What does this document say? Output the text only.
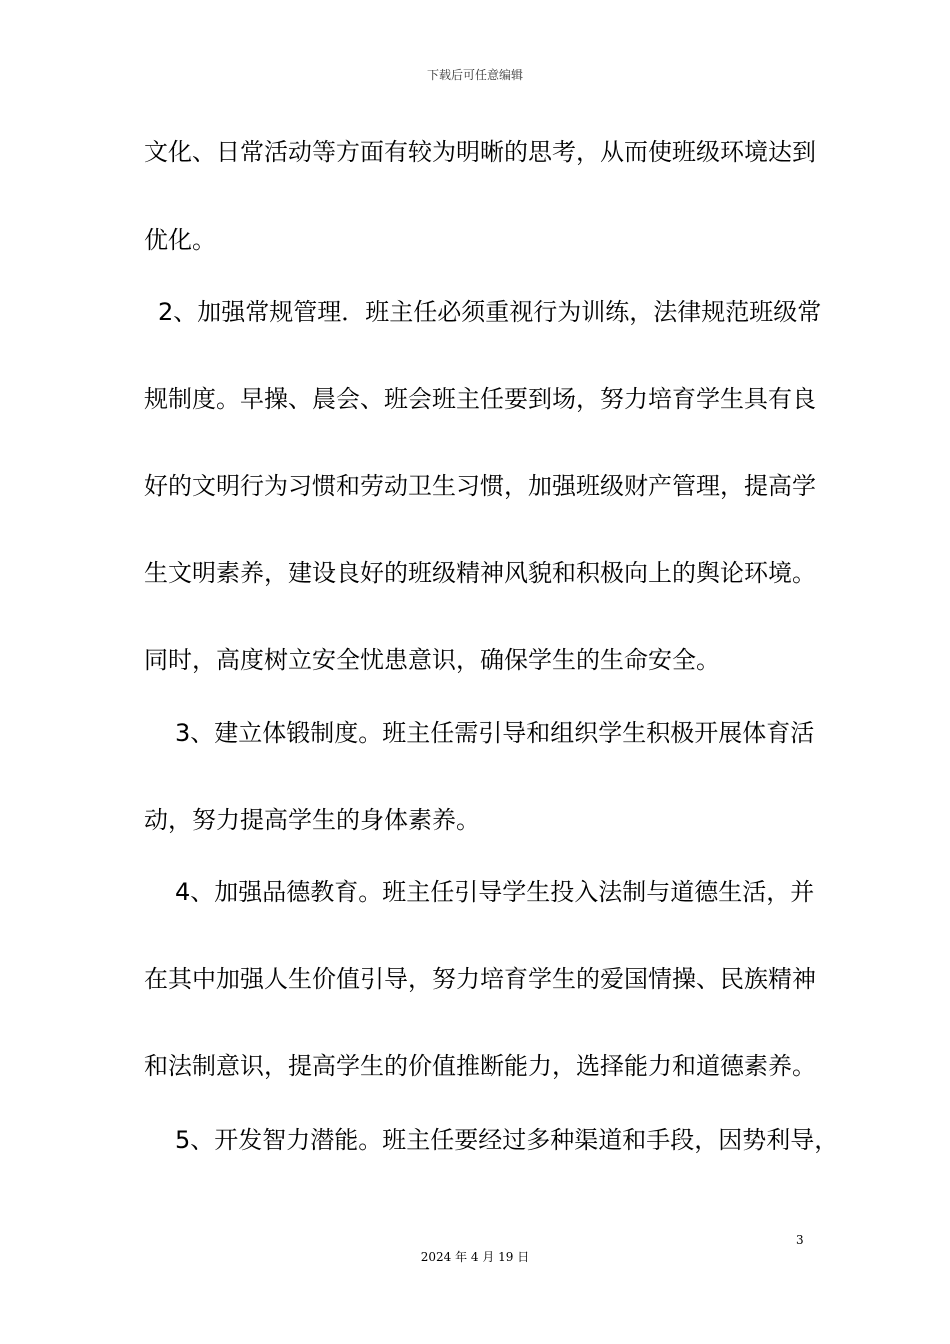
下载后可任意编辑
文化、日常活动等方面有较为明晰的思考，从而使班级环境达到
优化。
2、加强常规管理．班主任必须重视行为训练，法律规范班级常
规制度。早操、晨会、班会班主任要到场，努力培育学生具有良
好的文明行为习惯和劳动卫生习惯，加强班级财产管理，提高学
生文明素养，建设良好的班级精神风貌和积极向上的舆论环境。
同时，高度树立安全忧患意识，确保学生的生命安全。
3、建立体锻制度。班主任需引导和组织学生积极开展体育活
动，努力提高学生的身体素养。
4、加强品德教育。班主任引导学生投入法制与道德生活，并
在其中加强人生价值引导，努力培育学生的爱国情操、民族精神
和法制意识，提高学生的价值推断能力，选择能力和道德素养。
5、开发智力潜能。班主任要经过多种渠道和手段，因势利导，
3
2024 年 4 月 19 日
